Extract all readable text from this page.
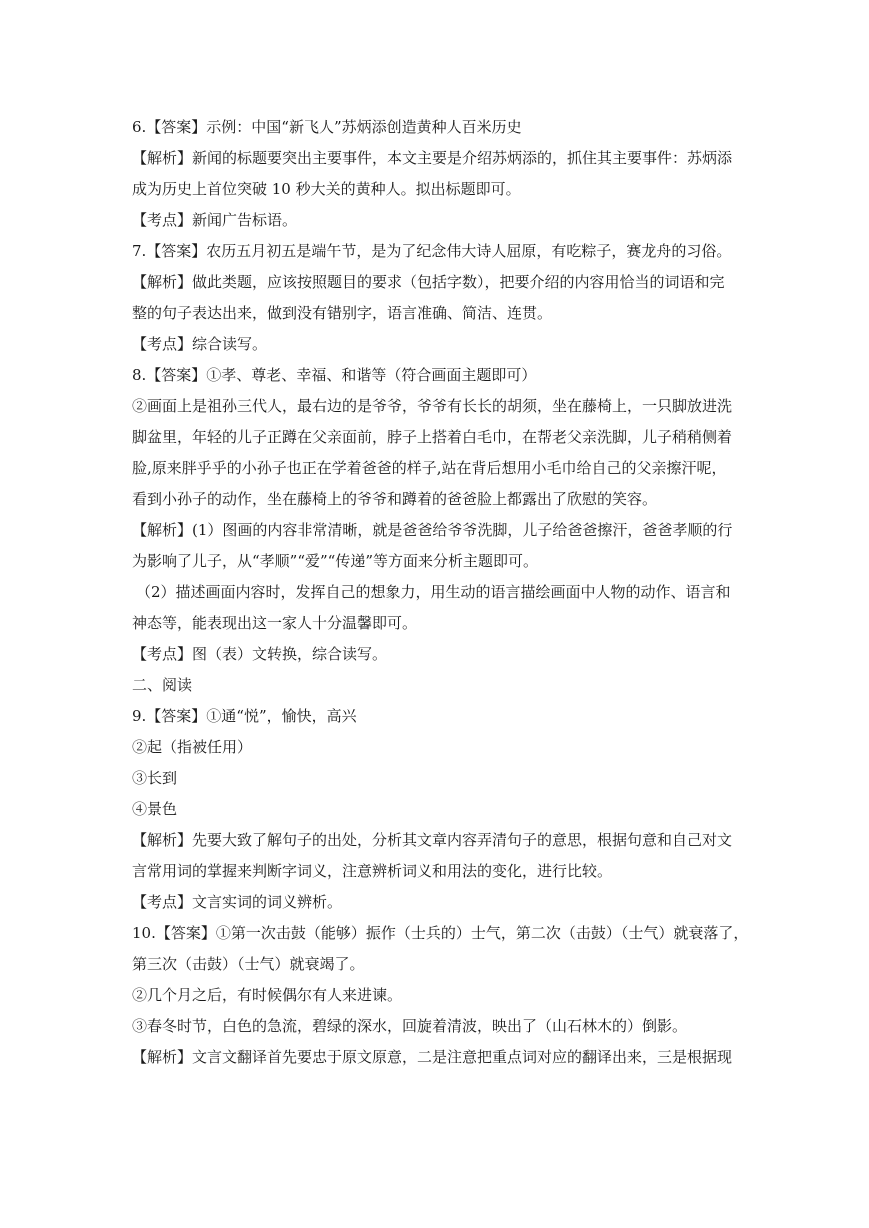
6.【答案】示例：中国“新飞人”苏炳添创造黄种人百米历史

【解析】新闻的标题要突出主要事件，本文主要是介绍苏炳添的，抓住其主要事件：苏炳添

成为历史上首位突破 10 秒大关的黄种人。拟出标题即可。

【考点】新闻广告标语。

7.【答案】农历五月初五是端午节，是为了纪念伟大诗人屈原，有吃粽子，赛龙舟的习俗。

【解析】做此类题，应该按照题目的要求（包括字数），把要介绍的内容用恰当的词语和完

整的句子表达出来，做到没有错别字，语言准确、简洁、连贯。

【考点】综合读写。

8.【答案】①孝、尊老、幸福、和谐等（符合画面主题即可）

②画面上是祖孙三代人，最右边的是爷爷，爷爷有长长的胡须，坐在藤椅上，一只脚放进洗

脚盆里，年轻的儿子正蹲在父亲面前，脖子上搭着白毛巾，在帮老父亲洗脚，儿子稍稍侧着

脸,原来胖乎乎的小孙子也正在学着爸爸的样子,站在背后想用小毛巾给自己的父亲擦汗呢，

看到小孙子的动作，坐在藤椅上的爷爷和蹲着的爸爸脸上都露出了欣慰的笑容。

【解析】(1）图画的内容非常清晰，就是爸爸给爷爷洗脚，儿子给爸爸擦汗，爸爸孝顺的行

为影响了儿子，从“孝顺”“爱”“传递”等方面来分析主题即可。

（2）描述画面内容时，发挥自己的想象力，用生动的语言描绘画面中人物的动作、语言和

神态等，能表现出这一家人十分温馨即可。

【考点】图（表）文转换，综合读写。

二、阅读

9.【答案】①通“悦”，愉快，高兴

②起（指被任用）

③长到

④景色

【解析】先要大致了解句子的出处，分析其文章内容弄清句子的意思，根据句意和自己对文

言常用词的掌握来判断字词义，注意辨析词义和用法的变化，进行比较。

【考点】文言实词的词义辨析。

10.【答案】①第一次击鼓（能够）振作（士兵的）士气，第二次（击鼓）（士气）就衰落了，

第三次（击鼓）（士气）就衰竭了。

②几个月之后，有时候偶尔有人来进谏。

③春冬时节，白色的急流，碧绿的深水，回旋着清波，映出了（山石林木的）倒影。

【解析】文言文翻译首先要忠于原文原意，二是注意把重点词对应的翻译出来，三是根据现
